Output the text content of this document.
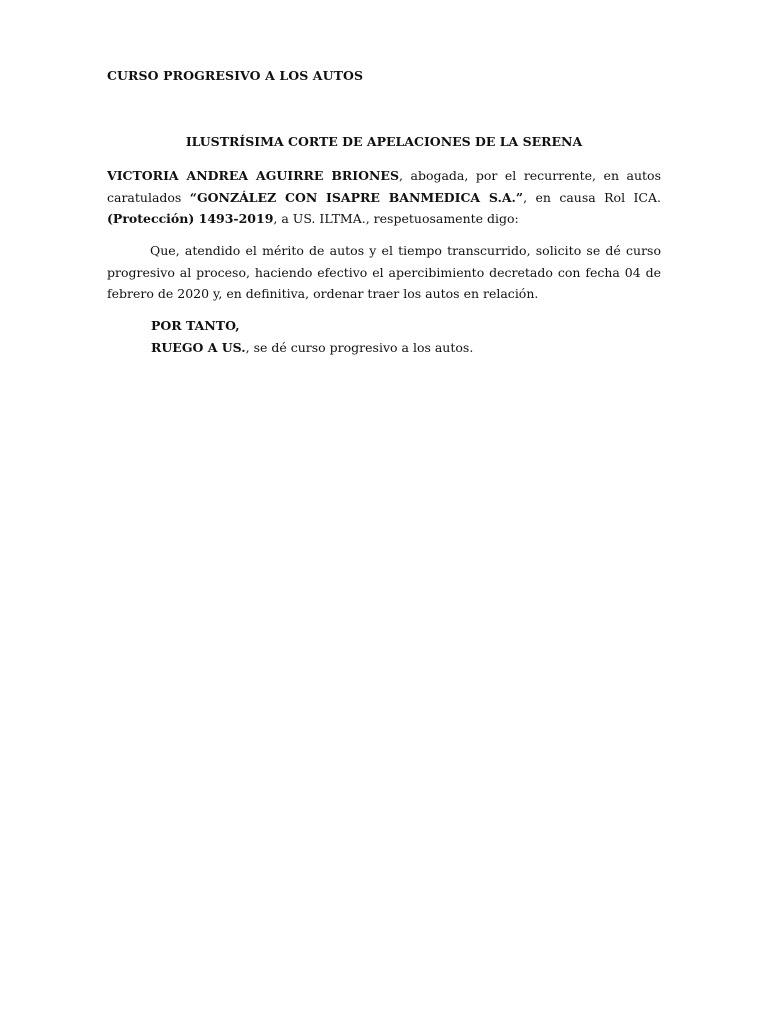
CURSO PROGRESIVO A LOS AUTOS
ILUSTRÍSIMA CORTE DE APELACIONES DE LA SERENA
VICTORIA ANDREA AGUIRRE BRIONES, abogada, por el recurrente, en autos caratulados “GONZÁLEZ CON ISAPRE BANMEDICA S.A.”, en causa Rol ICA. (Protección) 1493-2019, a US. ILTMA., respetuosamente digo:
Que, atendido el mérito de autos y el tiempo transcurrido, solicito se dé curso progresivo al proceso, haciendo efectivo el apercibimiento decretado con fecha 04 de febrero de 2020 y, en definitiva, ordenar traer los autos en relación.
POR TANTO,
RUEGO A US., se dé curso progresivo a los autos.
